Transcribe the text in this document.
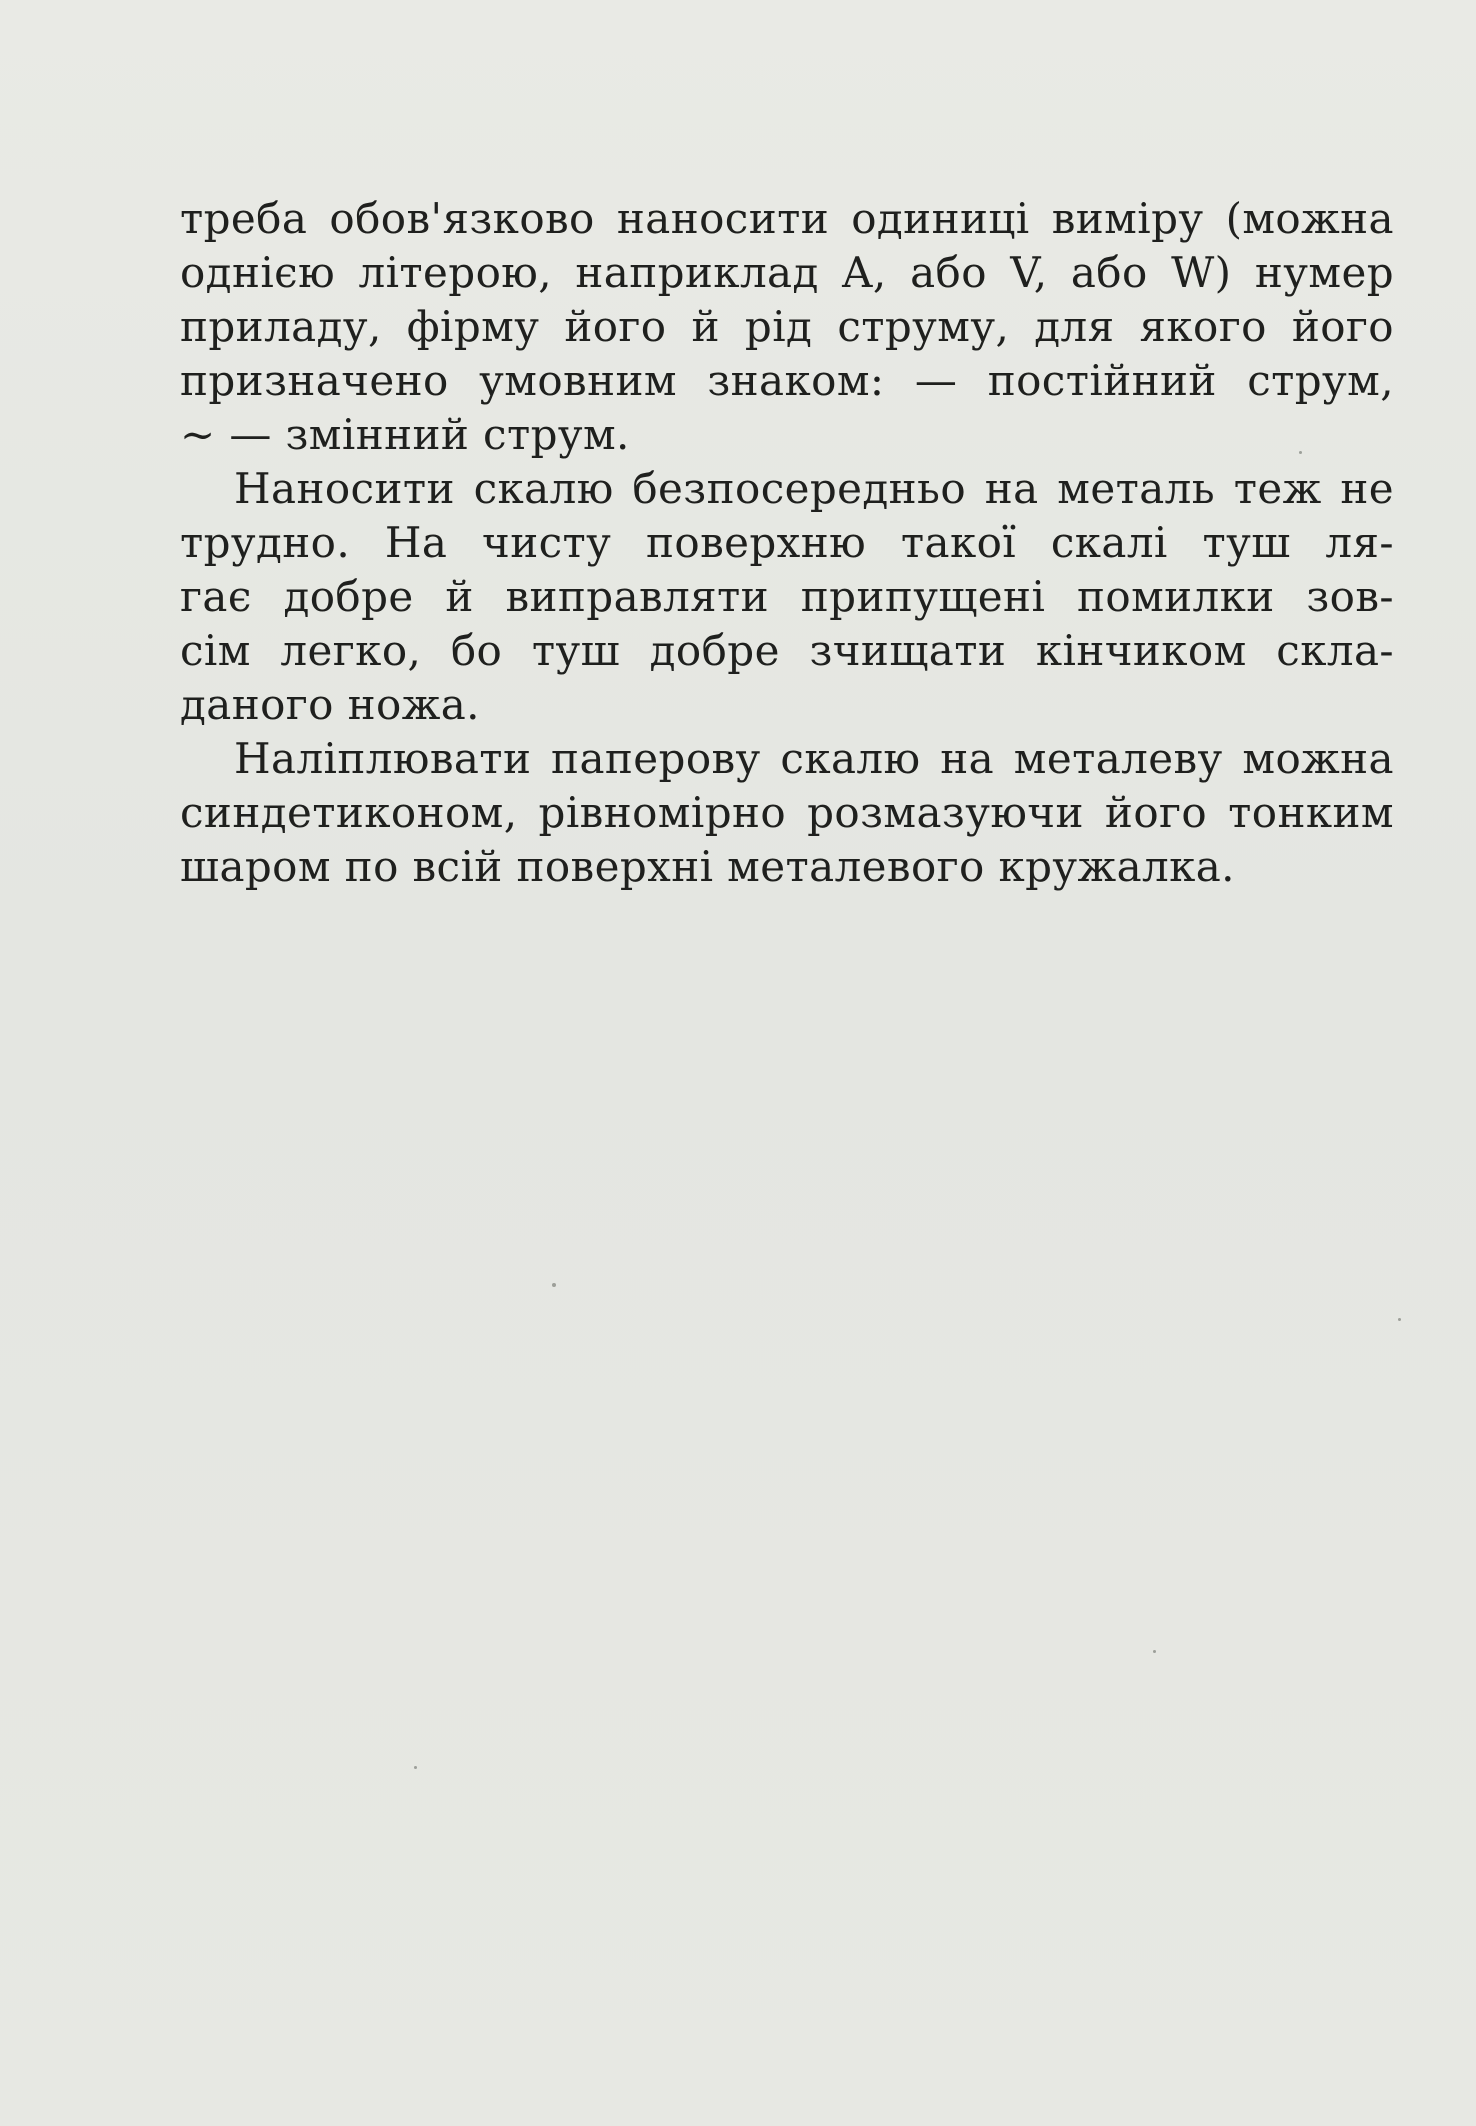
треба обов'язково наносити одиниці виміру (можна
однією літерою, наприклад A, або V, або W) нумер
приладу, фірму його й рід струму, для якого його
призначено умовним знаком: — постійний струм,
∼ — змінний струм.
Наносити скалю безпосередньо на металь теж не
трудно. На чисту поверхню такої скалі туш ля-
гає добре й виправляти припущені помилки зов-
сім легко, бо туш добре зчищати кінчиком скла-
даного ножа.
Наліплювати паперову скалю на металеву можна
синдетиконом, рівномірно розмазуючи його тонким
шаром по всій поверхні металевого кружалка.
